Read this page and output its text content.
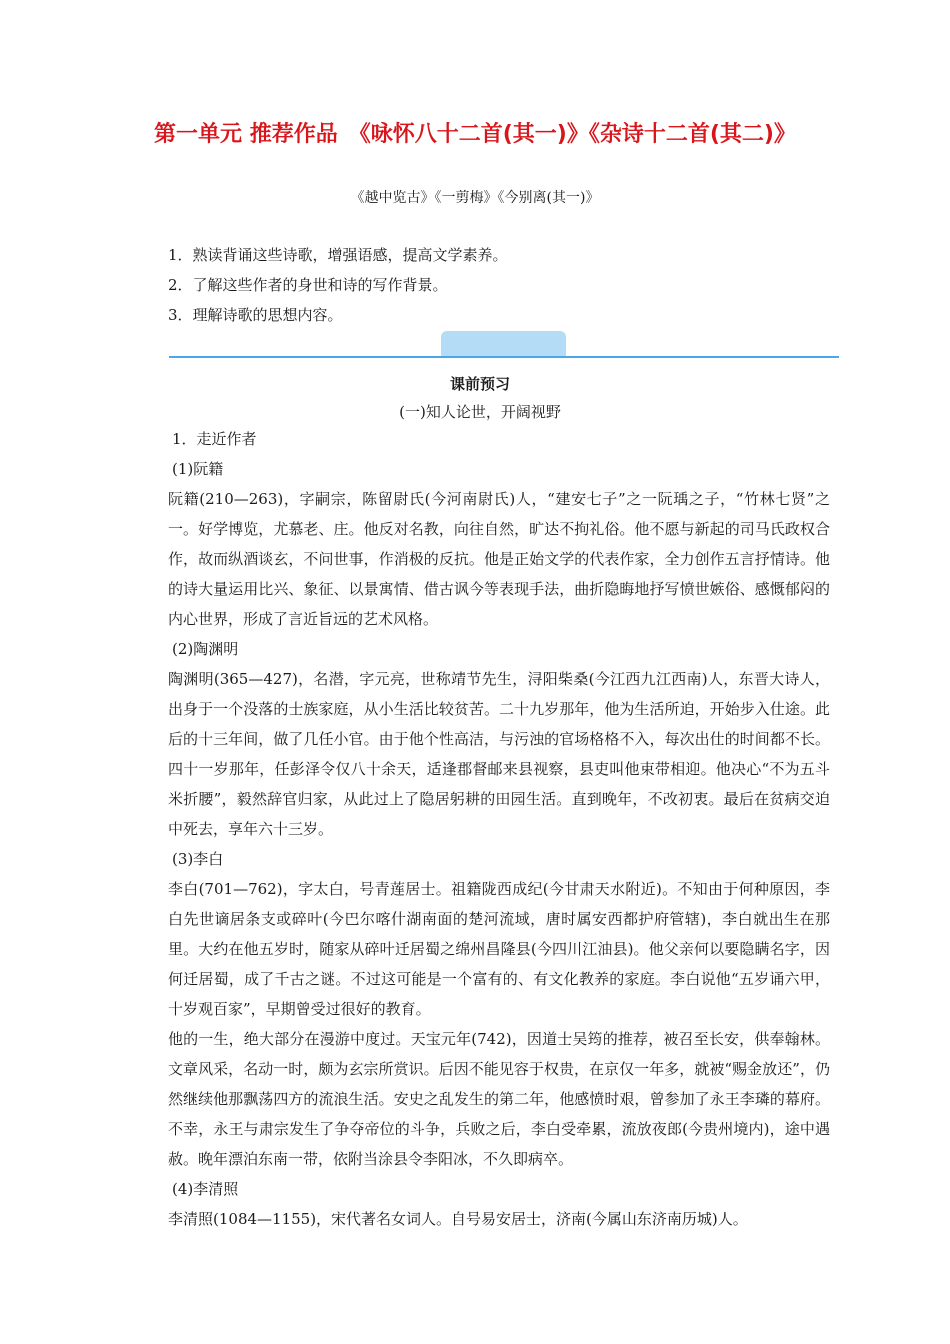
第一单元 推荐作品　《咏怀八十二首(其一)》《杂诗十二首(其二)》
《越中览古》《一剪梅》《今别离(其一)》

1．熟读背诵这些诗歌，增强语感，提高文学素养。

2．了解这些作者的身世和诗的写作背景。

3．理解诗歌的思想内容。

课前预习
(一)知人论世，开阔视野

1．走近作者

(1)阮籍

阮籍(210—263)，字嗣宗，陈留尉氏(今河南尉氏)人，“建安七子”之一阮瑀之子，“竹林七贤”之一。好学博览，尤慕老、庄。他反对名教，向往自然，旷达不拘礼俗。他不愿与新起的司马氏政权合作，故而纵酒谈玄，不问世事，作消极的反抗。他是正始文学的代表作家，全力创作五言抒情诗。他的诗大量运用比兴、象征、以景寓情、借古讽今等表现手法，曲折隐晦地抒写愤世嫉俗、感慨郁闷的内心世界，形成了言近旨远的艺术风格。

(2)陶渊明

陶渊明(365—427)，名潜，字元亮，世称靖节先生，浔阳柴桑(今江西九江西南)人，东晋大诗人，出身于一个没落的士族家庭，从小生活比较贫苦。二十九岁那年，他为生活所迫，开始步入仕途。此后的十三年间，做了几任小官。由于他个性高洁，与污浊的官场格格不入，每次出仕的时间都不长。四十一岁那年，任彭泽令仅八十余天，适逢郡督邮来县视察，县吏叫他束带相迎。他决心“不为五斗米折腰”，毅然辞官归家，从此过上了隐居躬耕的田园生活。直到晚年，不改初衷。最后在贫病交迫中死去，享年六十三岁。

(3)李白

李白(701—762)，字太白，号青莲居士。祖籍陇西成纪(今甘肃天水附近)。不知由于何种原因，李白先世谪居条支或碎叶(今巴尔喀什湖南面的楚河流域，唐时属安西都护府管辖)，李白就出生在那里。大约在他五岁时，随家从碎叶迁居蜀之绵州昌隆县(今四川江油县)。他父亲何以要隐瞒名字，因何迁居蜀，成了千古之谜。不过这可能是一个富有的、有文化教养的家庭。李白说他“五岁诵六甲，十岁观百家”，早期曾受过很好的教育。

他的一生，绝大部分在漫游中度过。天宝元年(742)，因道士吴筠的推荐，被召至长安，供奉翰林。文章风采，名动一时，颇为玄宗所赏识。后因不能见容于权贵，在京仅一年多，就被“赐金放还”，仍然继续他那飘荡四方的流浪生活。安史之乱发生的第二年，他感愤时艰，曾参加了永王李璘的幕府。不幸，永王与肃宗发生了争夺帝位的斗争，兵败之后，李白受牵累，流放夜郎(今贵州境内)，途中遇赦。晚年漂泊东南一带，依附当涂县令李阳冰，不久即病卒。

(4)李清照

李清照(1084—1155)，宋代著名女词人。自号易安居士，济南(今属山东济南历城)人。
